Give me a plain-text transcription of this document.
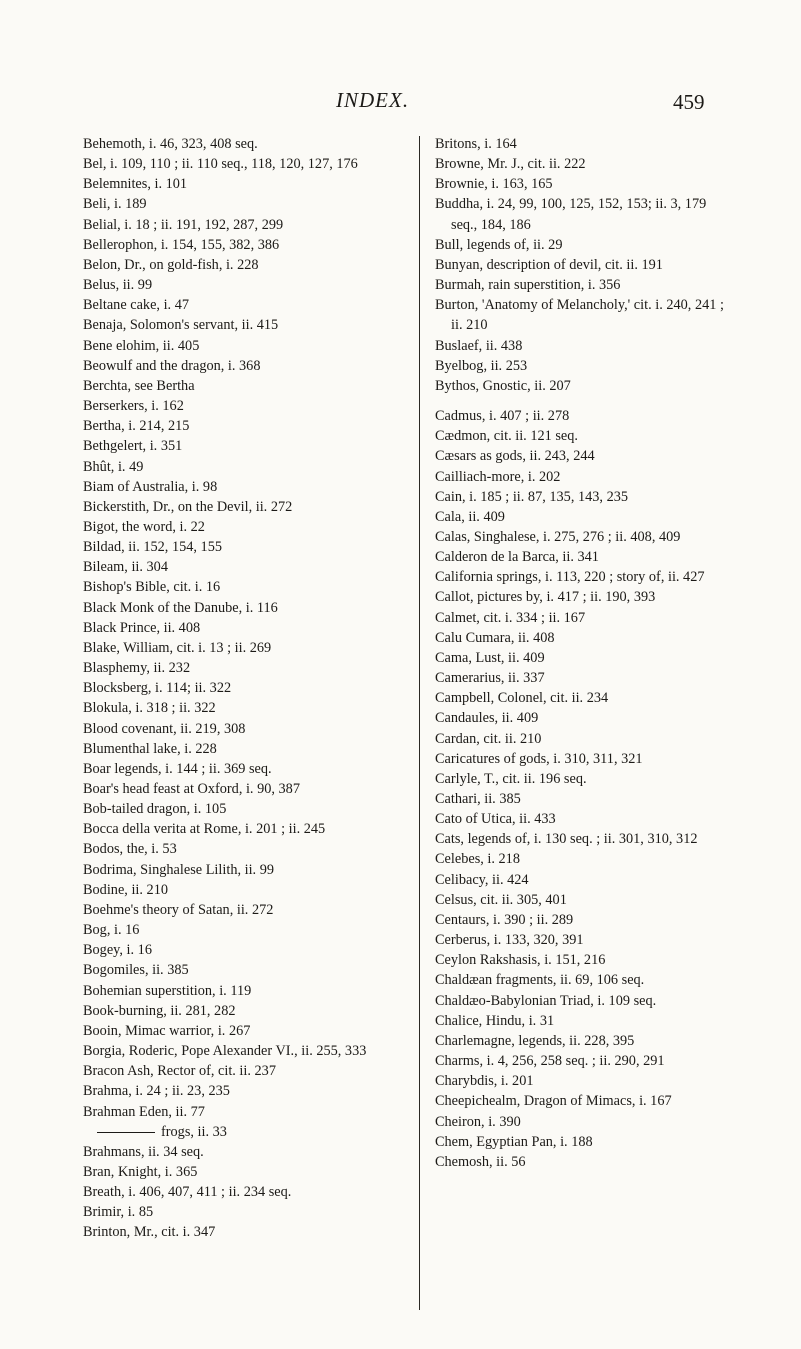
INDEX.	459
Behemoth, i. 46, 323, 408 seq.
Bel, i. 109, 110 ; ii. 110 seq., 118, 120, 127, 176
Belemnites, i. 101
Beli, i. 189
Belial, i. 18 ; ii. 191, 192, 287, 299
Bellerophon, i. 154, 155, 382, 386
Belon, Dr., on gold-fish, i. 228
Belus, ii. 99
Beltane cake, i. 47
Benaja, Solomon's servant, ii. 415
Bene elohim, ii. 405
Beowulf and the dragon, i. 368
Berchta, see Bertha
Berserkers, i. 162
Bertha, i. 214, 215
Bethgelert, i. 351
Bhût, i. 49
Biam of Australia, i. 98
Bickerstith, Dr., on the Devil, ii. 272
Bigot, the word, i. 22
Bildad, ii. 152, 154, 155
Bileam, ii. 304
Bishop's Bible, cit. i. 16
Black Monk of the Danube, i. 116
Black Prince, ii. 408
Blake, William, cit. i. 13 ; ii. 269
Blasphemy, ii. 232
Blocksberg, i. 114; ii. 322
Blokula, i. 318 ; ii. 322
Blood covenant, ii. 219, 308
Blumenthal lake, i. 228
Boar legends, i. 144 ; ii. 369 seq.
Boar's head feast at Oxford, i. 90, 387
Bob-tailed dragon, i. 105
Bocca della verita at Rome, i. 201 ; ii. 245
Bodos, the, i. 53
Bodrima, Singhalese Lilith, ii. 99
Bodine, ii. 210
Boehme's theory of Satan, ii. 272
Bog, i. 16
Bogey, i. 16
Bogomiles, ii. 385
Bohemian superstition, i. 119
Book-burning, ii. 281, 282
Booin, Mimac warrior, i. 267
Borgia, Roderic, Pope Alexander VI., ii. 255, 333
Bracon Ash, Rector of, cit. ii. 237
Brahma, i. 24 ; ii. 23, 235
Brahman Eden, ii. 77
frogs, ii. 33
Brahmans, ii. 34 seq.
Bran, Knight, i. 365
Breath, i. 406, 407, 411 ; ii. 234 seq.
Brimir, i. 85
Brinton, Mr., cit. i. 347
Britons, i. 164
Browne, Mr. J., cit. ii. 222
Brownie, i. 163, 165
Buddha, i. 24, 99, 100, 125, 152, 153; ii. 3, 179 seq., 184, 186
Bull, legends of, ii. 29
Bunyan, description of devil, cit. ii. 191
Burmah, rain superstition, i. 356
Burton, 'Anatomy of Melancholy,' cit. i. 240, 241 ; ii. 210
Buslaef, ii. 438
Byelbog, ii. 253
Bythos, Gnostic, ii. 207
Cadmus, i. 407 ; ii. 278
Cædmon, cit. ii. 121 seq.
Cæsars as gods, ii. 243, 244
Cailliach-more, i. 202
Cain, i. 185 ; ii. 87, 135, 143, 235
Cala, ii. 409
Calas, Singhalese, i. 275, 276 ; ii. 408, 409
Calderon de la Barca, ii. 341
California springs, i. 113, 220 ; story of, ii. 427
Callot, pictures by, i. 417 ; ii. 190, 393
Calmet, cit. i. 334 ; ii. 167
Calu Cumara, ii. 408
Cama, Lust, ii. 409
Camerarius, ii. 337
Campbell, Colonel, cit. ii. 234
Candaules, ii. 409
Cardan, cit. ii. 210
Caricatures of gods, i. 310, 311, 321
Carlyle, T., cit. ii. 196 seq.
Cathari, ii. 385
Cato of Utica, ii. 433
Cats, legends of, i. 130 seq. ; ii. 301, 310, 312
Celebes, i. 218
Celibacy, ii. 424
Celsus, cit. ii. 305, 401
Centaurs, i. 390 ; ii. 289
Cerberus, i. 133, 320, 391
Ceylon Rakshasis, i. 151, 216
Chaldæan fragments, ii. 69, 106 seq.
Chaldæo-Babylonian Triad, i. 109 seq.
Chalice, Hindu, i. 31
Charlemagne, legends, ii. 228, 395
Charms, i. 4, 256, 258 seq. ; ii. 290, 291
Charybdis, i. 201
Cheepichealm, Dragon of Mimacs, i. 167
Cheiron, i. 390
Chem, Egyptian Pan, i. 188
Chemosh, ii. 56
